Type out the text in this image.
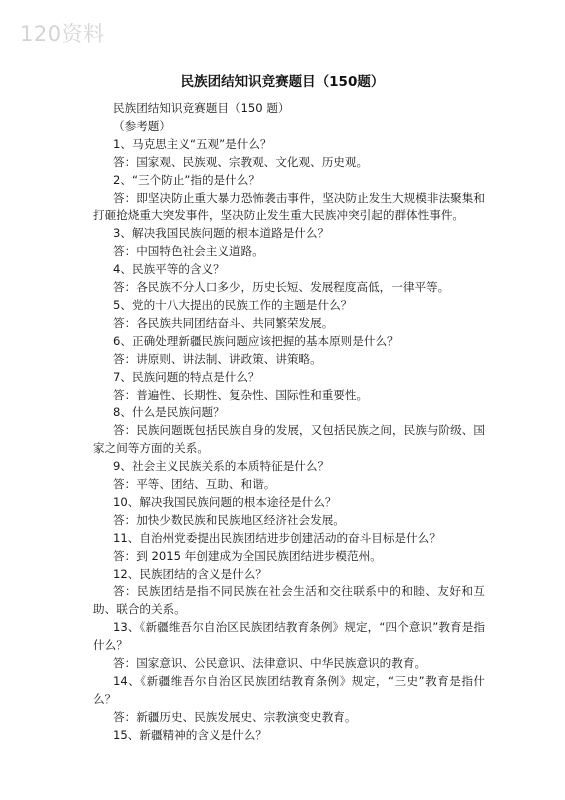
120资料
民族团结知识竞赛题目（150题）
民族团结知识竞赛题目（150 题）
（参考题）
1、马克思主义“五观”是什么？
答：国家观、民族观、宗教观、文化观、历史观。
2、“三个防止”指的是什么？
答：即坚决防止重大暴力恐怖袭击事件，坚决防止发生大规模非法聚集和打砸抢烧重大突发事件，坚决防止发生重大民族冲突引起的群体性事件。
3、解决我国民族问题的根本道路是什么？
答：中国特色社会主义道路。
4、民族平等的含义？
答：各民族不分人口多少，历史长短、发展程度高低，一律平等。
5、党的十八大提出的民族工作的主题是什么？
答：各民族共同团结奋斗、共同繁荣发展。
6、正确处理新疆民族问题应该把握的基本原则是什么？
答：讲原则、讲法制、讲政策、讲策略。
7、民族问题的特点是什么？
答：普遍性、长期性、复杂性、国际性和重要性。
8、什么是民族问题？
答：民族问题既包括民族自身的发展，又包括民族之间，民族与阶级、国家之间等方面的关系。
9、社会主义民族关系的本质特征是什么？
答：平等、团结、互助、和谐。
10、解决我国民族问题的根本途径是什么？
答：加快少数民族和民族地区经济社会发展。
11、自治州党委提出民族团结进步创建活动的奋斗目标是什么？
答：到 2015 年创建成为全国民族团结进步模范州。
12、民族团结的含义是什么？
答：民族团结是指不同民族在社会生活和交往联系中的和睦、友好和互助、联合的关系。
13、《新疆维吾尔自治区民族团结教育条例》规定，“四个意识”教育是指什么？
答：国家意识、公民意识、法律意识、中华民族意识的教育。
14、《新疆维吾尔自治区民族团结教育条例》规定，“三史”教育是指什么？
答：新疆历史、民族发展史、宗教演变史教育。
15、新疆精神的含义是什么？
